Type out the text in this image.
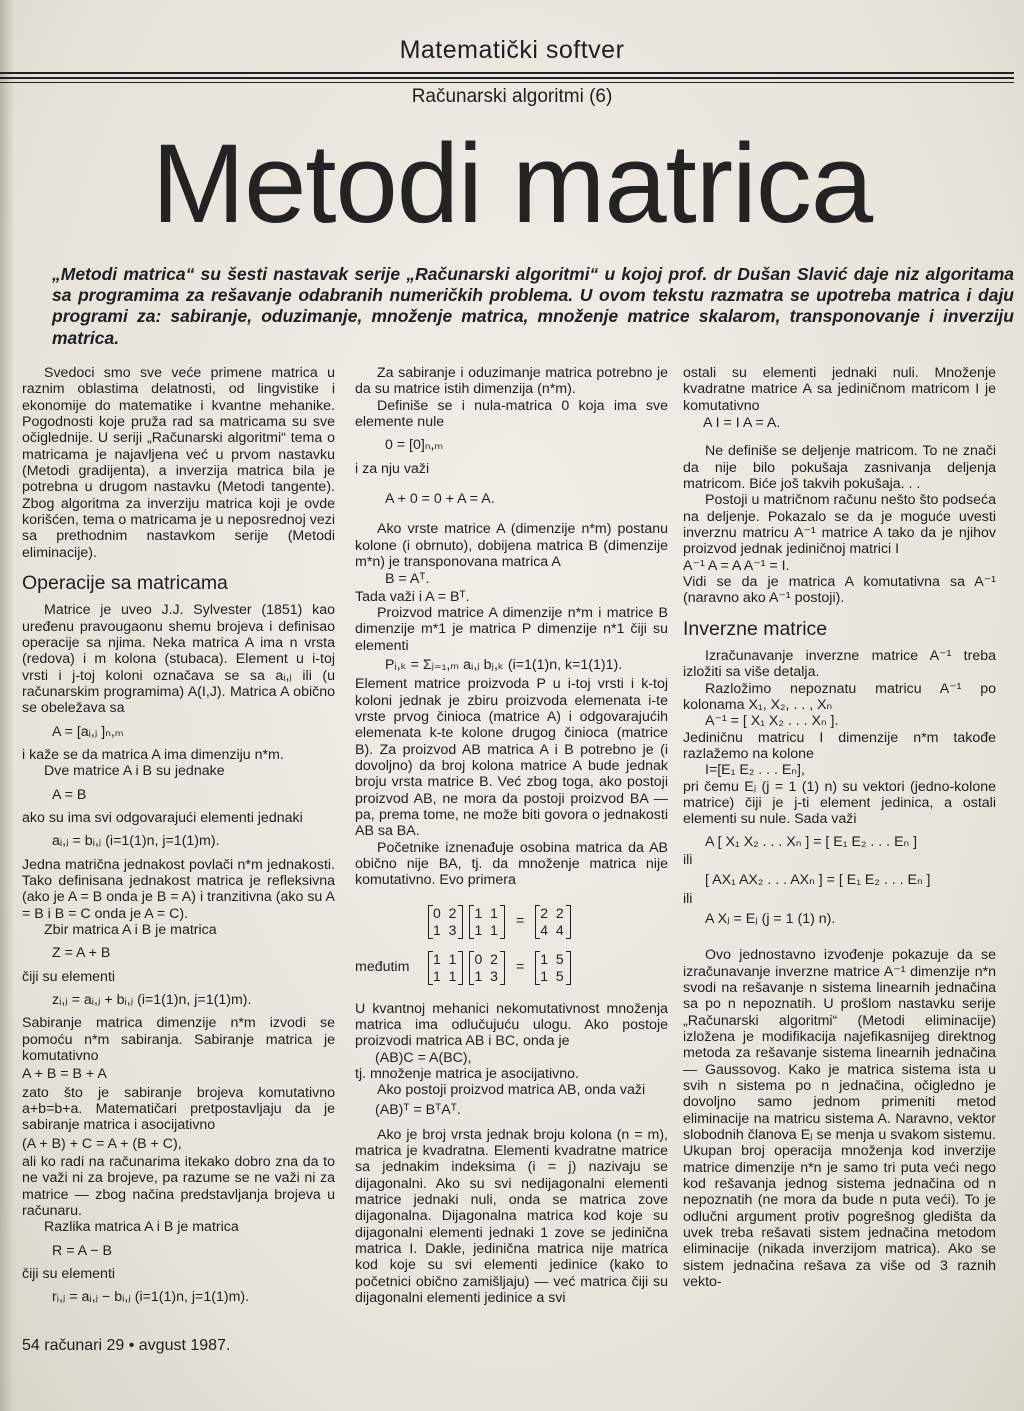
Matematički softver
Računarski algoritmi (6)
Metodi matrica
„Metodi matrica“ su šesti nastavak serije „Računarski algoritmi“ u kojoj prof. dr Dušan Slavić daje niz algoritama sa programima za rešavanje odabranih numeričkih problema. U ovom tekstu razmatra se upotreba matrica i daju programi za: sabiranje, oduzimanje, množenje matrica, množenje matrice skalarom, transponovanje i inverziju matrica.

Svedoci smo sve veće primene matrica u raznim oblastima delatnosti, od lingvistike i ekonomije do matematike i kvantne mehanike. Pogodnosti koje pruža rad sa matricama su sve očiglednije. U seriji „Računarski algoritmi“ tema o matricama je najavljena već u prvom nastavku (Metodi gradijenta), a inverzija matrica bila je potrebna u drugom nastavku (Metodi tangente). Zbog algoritma za inverziju matrica koji je ovde korišćen, tema o matricama je u neposrednoj vezi sa prethodnim nastavkom serije (Metodi eliminacije).

Operacije sa matricama

Matrice je uveo J.J. Sylvester (1851) kao uređenu pravougaonu shemu brojeva i definisao operacije sa njima. Neka matrica A ima n vrsta (redova) i m kolona (stubaca). Element u i-toj vrsti i j-toj koloni označava se sa aᵢ,ⱼ ili (u računarskim programima) A(I,J). Matrica A obično se obeležava sa

A = [aᵢ,ⱼ ]ₙ,ₘ

i kaže se da matrica A ima dimenziju n*m.

Dve matrice A i B su jednake

A = B

ako su ima svi odgovarajući elementi jednaki

aᵢ,ⱼ = bᵢ,ⱼ (i=1(1)n, j=1(1)m).

Jedna matrična jednakost povlači n*m jednakosti. Tako definisana jednakost matrica je refleksivna (ako je A = B onda je B = A) i tranzitivna (ako su A = B i B = C onda je A = C).

Zbir matrica A i B je matrica

Z = A + B

čiji su elementi

zᵢ,ⱼ = aᵢ,ⱼ + bᵢ,ⱼ (i=1(1)n, j=1(1)m).

Sabiranje matrica dimenzije n*m izvodi se pomoću n*m sabiranja. Sabiranje matrica je komutativno

A + B = B + A

zato što je sabiranje brojeva komutativno a+b=b+a. Matematičari pretpostavljaju da je sabiranje matrica i asocijativno

(A + B) + C = A + (B + C),

ali ko radi na računarima itekako dobro zna da to ne važi ni za brojeve, pa razume se ne važi ni za matrice — zbog načina predstavljanja brojeva u računaru.

Razlika matrica A i B je matrica

R = A − B

čiji su elementi

rᵢ,ⱼ = aᵢ,ⱼ − bᵢ,ⱼ (i=1(1)n, j=1(1)m).

Za sabiranje i oduzimanje matrica potrebno je da su matrice istih dimenzija (n*m).

Definiše se i nula-matrica 0 koja ima sve elemente nule

0 = [0]ₙ,ₘ

i za nju važi

A + 0 = 0 + A = A.

Ako vrste matrice A (dimenzije n*m) postanu kolone (i obrnuto), dobijena matrica B (dimenzije m*n) je transponovana matrica A

B = Aᵀ.

Tada važi i A = Bᵀ.

Proizvod matrice A dimenzije n*m i matrice B dimenzije m*1 je matrica P dimenzije n*1 čiji su elementi

Pᵢ,ₖ = Σⱼ₌₁,ₘ aᵢ,ⱼ bⱼ,ₖ (i=1(1)n, k=1(1)1).

Element matrice proizvoda P u i-toj vrsti i k-toj koloni jednak je zbiru proizvoda elemenata i-te vrste prvog činioca (matrice A) i odgovarajućih elemenata k-te kolone drugog činioca (matrice B). Za proizvod AB matrica A i B potrebno je (i dovoljno) da broj kolona matrice A bude jednak broju vrsta matrice B. Već zbog toga, ako postoji proizvod AB, ne mora da postoji proizvod BA — pa, prema tome, ne može biti govora o jednakosti AB sa BA.

Početnike iznenađuje osobina matrica da AB obično nije BA, tj. da množenje matrica nije komutativno. Evo primera

0 2
1 3
1 1
1 1
=
2 2
4 4
međutim
1 1
1 1
0 2
1 3
=
1 5
1 5

U kvantnoj mehanici nekomutativnost množenja matrica ima odlučujuću ulogu. Ako postoje proizvodi matrica AB i BC, onda je

(AB)C = A(BC),

tj. množenje matrica je asocijativno.

Ako postoji proizvod matrica AB, onda važi

(AB)ᵀ = BᵀAᵀ.

Ako je broj vrsta jednak broju kolona (n = m), matrica je kvadratna. Elementi kvadratne matrice sa jednakim indeksima (i = j) nazivaju se dijagonalni. Ako su svi nedijagonalni elementi matrice jednaki nuli, onda se matrica zove dijagonalna. Dijagonalna matrica kod koje su dijagonalni elementi jednaki 1 zove se jedinična matrica I. Dakle, jedinična matrica nije matrica kod koje su svi elementi jedinice (kako to početnici obično zamišljaju) — već matrica čiji su dijagonalni elementi jedinice a svi

ostali su elementi jednaki nuli. Množenje kvadratne matrice A sa jediničnom matricom I je komutativno

A I = I A = A.

Ne definiše se deljenje matricom. To ne znači da nije bilo pokušaja zasnivanja deljenja matricom. Biće još takvih pokušaja. . .

Postoji u matričnom računu nešto što podseća na deljenje. Pokazalo se da je moguće uvesti inverznu matricu A⁻¹ matrice A tako da je njihov proizvod jednak jediničnoj matrici I

A⁻¹ A = A A⁻¹ = I.

Vidi se da je matrica A komutativna sa A⁻¹ (naravno ako A⁻¹ postoji).

Inverzne matrice

Izračunavanje inverzne matrice A⁻¹ treba izložiti sa više detalja.

Razložimo nepoznatu matricu A⁻¹ po kolonama X₁, X₂, . . , Xₙ

A⁻¹ = [ X₁ X₂ . . . Xₙ ].

Jediničnu matricu I dimenzije n*m takođe razlažemo na kolone

I=[E₁ E₂ . . . Eₙ],

pri čemu Eⱼ (j = 1 (1) n) su vektori (jedno-kolone matrice) čiji je j-ti element jedinica, a ostali elementi su nule. Sada važi

A [ X₁ X₂ . . . Xₙ ] = [ E₁ E₂ . . . Eₙ ]

ili

[ AX₁ AX₂ . . . AXₙ ] = [ E₁ E₂ . . . Eₙ ]

ili

A Xⱼ = Eⱼ (j = 1 (1) n).

Ovo jednostavno izvođenje pokazuje da se izračunavanje inverzne matrice A⁻¹ dimenzije n*n svodi na rešavanje n sistema linearnih jednačina sa po n nepoznatih. U prošlom nastavku serije „Računarski algoritmi“ (Metodi eliminacije) izložena je modifikacija najefikasnijeg direktnog metoda za rešavanje sistema linearnih jednačina — Gaussovog. Kako je matrica sistema ista u svih n sistema po n jednačina, očigledno je dovoljno samo jednom primeniti metod eliminacije na matricu sistema A. Naravno, vektor slobodnih članova Eⱼ se menja u svakom sistemu. Ukupan broj operacija množenja kod inverzije matrice dimenzije n*n je samo tri puta veći nego kod rešavanja jednog sistema jednačina od n nepoznatih (ne mora da bude n puta veći). To je odlučni argument protiv pogrešnog gledišta da uvek treba rešavati sistem jednačina metodom eliminacije (nikada inverzijom matrica). Ako se sistem jednačina rešava za više od 3 raznih vekto-

54 računari 29 • avgust 1987.
